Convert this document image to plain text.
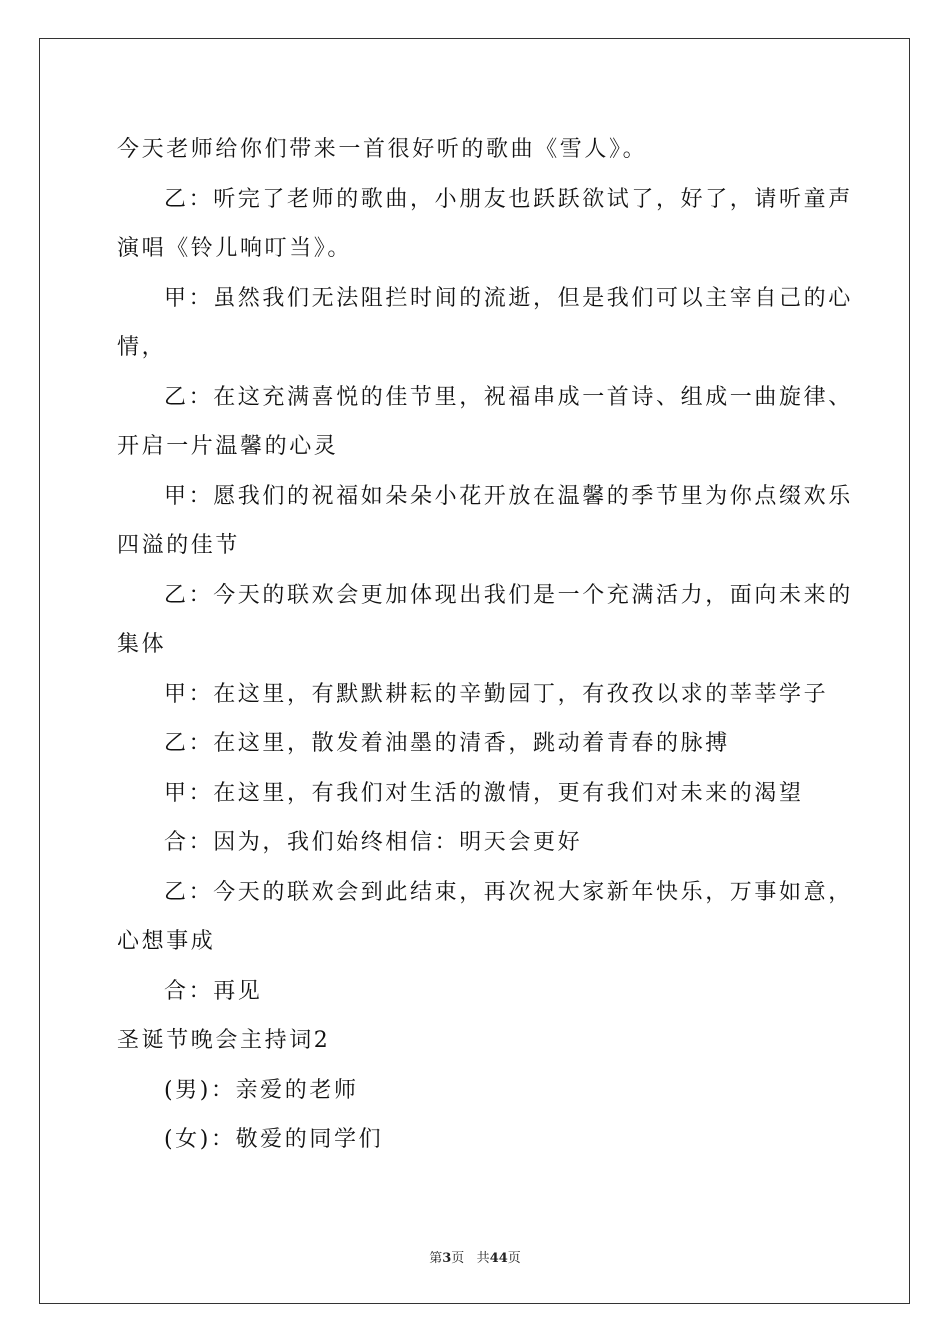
今天老师给你们带来一首很好听的歌曲《雪人》。
乙：听完了老师的歌曲，小朋友也跃跃欲试了，好了，请听童声
演唱《铃儿响叮当》。
甲：虽然我们无法阻拦时间的流逝，但是我们可以主宰自己的心
情，
乙：在这充满喜悦的佳节里，祝福串成一首诗、组成一曲旋律、
开启一片温馨的心灵
甲：愿我们的祝福如朵朵小花开放在温馨的季节里为你点缀欢乐
四溢的佳节
乙：今天的联欢会更加体现出我们是一个充满活力，面向未来的
集体
甲：在这里，有默默耕耘的辛勤园丁，有孜孜以求的莘莘学子
乙：在这里，散发着油墨的清香，跳动着青春的脉搏
甲：在这里，有我们对生活的激情，更有我们对未来的渴望
合：因为，我们始终相信：明天会更好
乙：今天的联欢会到此结束，再次祝大家新年快乐，万事如意，
心想事成
合：再见
圣诞节晚会主持词2
(男)：亲爱的老师
(女)：敬爱的同学们
第3页 共44页
